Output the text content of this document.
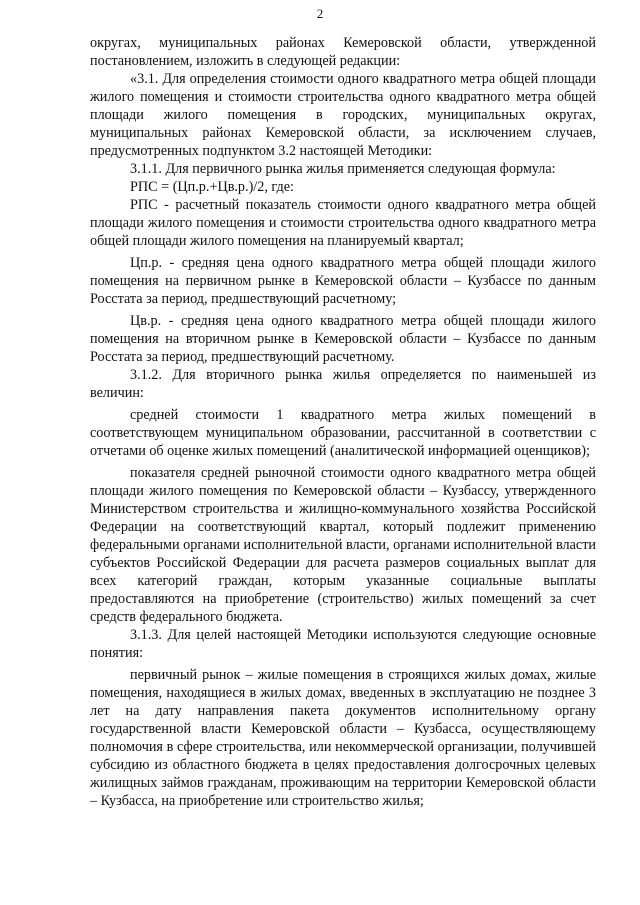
2

округах, муниципальных районах Кемеровской области, утвержденной постановлением, изложить в следующей редакции:

«3.1. Для определения стоимости одного квадратного метра общей площади жилого помещения и стоимости строительства одного квадратного метра общей площади жилого помещения в городских, муниципальных округах, муниципальных районах Кемеровской области, за исключением случаев, предусмотренных подпунктом 3.2 настоящей Методики:

3.1.1. Для первичного рынка жилья применяется следующая формула:

РПС = (Цп.р.+Цв.р.)/2, где:

РПС - расчетный показатель стоимости одного квадратного метра общей площади жилого помещения и стоимости строительства одного квадратного метра общей площади жилого помещения на планируемый квартал;

Цп.р. - средняя цена одного квадратного метра общей площади жилого помещения на первичном рынке в Кемеровской области – Кузбассе по данным Росстата за период, предшествующий расчетному;

Цв.р. - средняя цена одного квадратного метра общей площади жилого помещения на вторичном рынке в Кемеровской области – Кузбассе по данным Росстата за период, предшествующий расчетному.

3.1.2. Для вторичного рынка жилья определяется по наименьшей из величин:

средней стоимости 1 квадратного метра жилых помещений в соответствующем муниципальном образовании, рассчитанной в соответствии с отчетами об оценке жилых помещений (аналитической информацией оценщиков);

показателя средней рыночной стоимости одного квадратного метра общей площади жилого помещения по Кемеровской области – Кузбассу, утвержденного Министерством строительства и жилищно-коммунального хозяйства Российской Федерации на соответствующий квартал, который подлежит применению федеральными органами исполнительной власти, органами исполнительной власти субъектов Российской Федерации для расчета размеров социальных выплат для всех категорий граждан, которым указанные социальные выплаты предоставляются на приобретение (строительство) жилых помещений за счет средств федерального бюджета.

3.1.3. Для целей настоящей Методики используются следующие основные понятия:

первичный рынок – жилые помещения в строящихся жилых домах, жилые помещения, находящиеся в жилых домах, введенных в эксплуатацию не позднее 3 лет на дату направления пакета документов исполнительному органу государственной власти Кемеровской области – Кузбасса, осуществляющему полномочия в сфере строительства, или некоммерческой организации, получившей субсидию из областного бюджета в целях предоставления долгосрочных целевых жилищных займов гражданам, проживающим на территории Кемеровской области – Кузбасса, на приобретение или строительство жилья;
